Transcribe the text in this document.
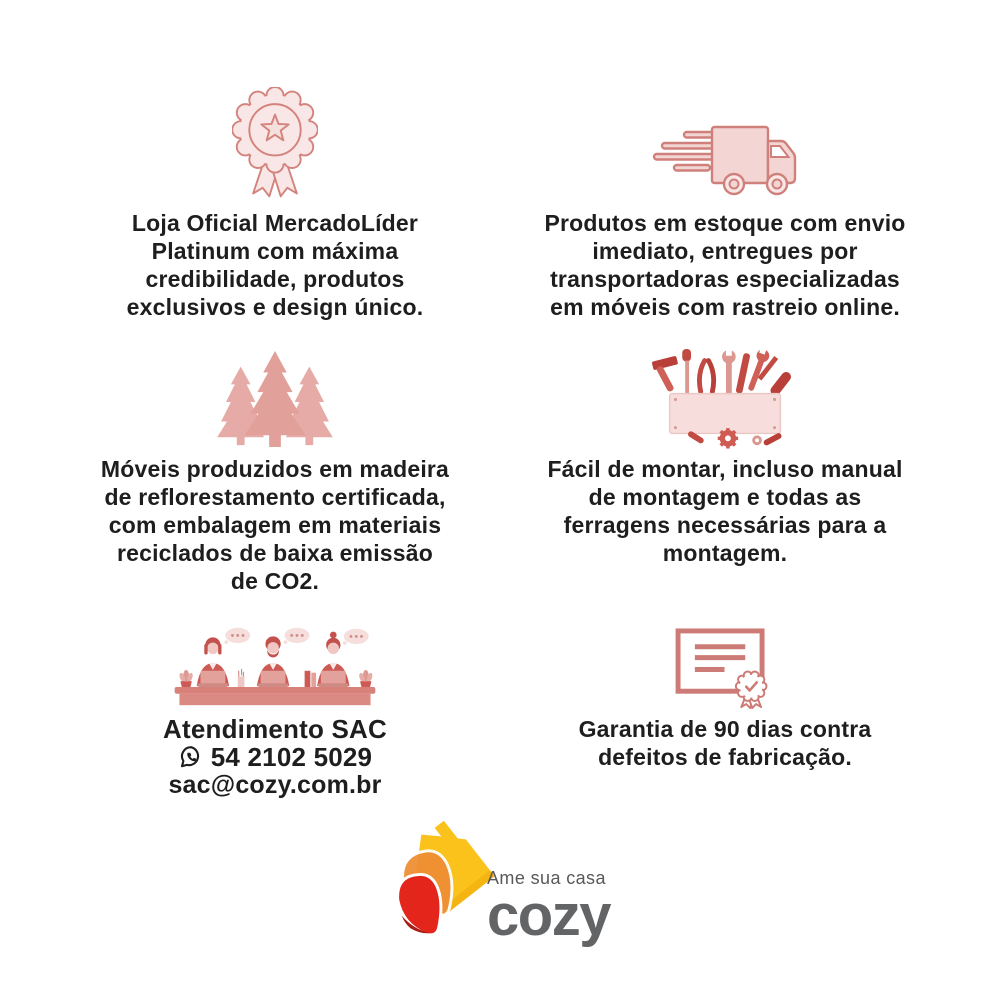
Loja Oficial MercadoLíder
Platinum com máxima
credibilidade, produtos
exclusivos e design único.
Produtos em estoque com envio
imediato, entregues por
transportadoras especializadas
em móveis com rastreio online.
Móveis produzidos em madeira
de reflorestamento certificada,
com embalagem em materiais
reciclados de baixa emissão
de CO2.
Fácil de montar, incluso manual
de montagem e todas as
ferragens necessárias para a
montagem.
Atendimento SAC
54 2102 5029
sac@cozy.com.br
Garantia de 90 dias contra
defeitos de fabricação.
Ame sua casa
cozy
